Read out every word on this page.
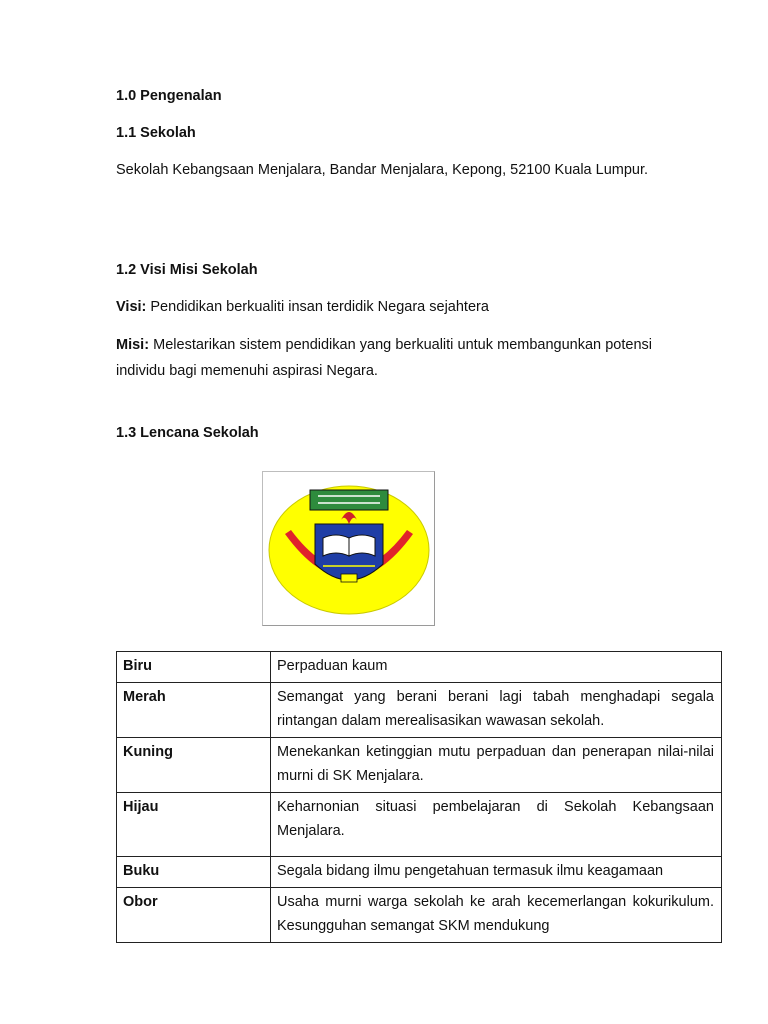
1.0 Pengenalan
1.1 Sekolah
Sekolah Kebangsaan Menjalara, Bandar Menjalara, Kepong, 52100 Kuala Lumpur.
1.2 Visi Misi Sekolah
Visi: Pendidikan berkualiti insan terdidik Negara sejahtera
Misi: Melestarikan sistem pendidikan yang berkualiti untuk membangunkan potensi individu bagi memenuhi aspirasi Negara.
1.3 Lencana Sekolah
Biru	Perpaduan kaum
Merah	Semangat yang berani berani lagi tabah menghadapi segala rintangan dalam merealisasikan wawasan sekolah.
Kuning	Menekankan ketinggian mutu perpaduan dan penerapan nilai-nilai murni di SK Menjalara.
Hijau	Keharnonian situasi pembelajaran di Sekolah Kebangsaan Menjalara.
Buku	Segala bidang ilmu pengetahuan termasuk ilmu keagamaan
Obor	Usaha murni warga sekolah ke arah kecemerlangan kokurikulum. Kesungguhan semangat SKM mendukung
